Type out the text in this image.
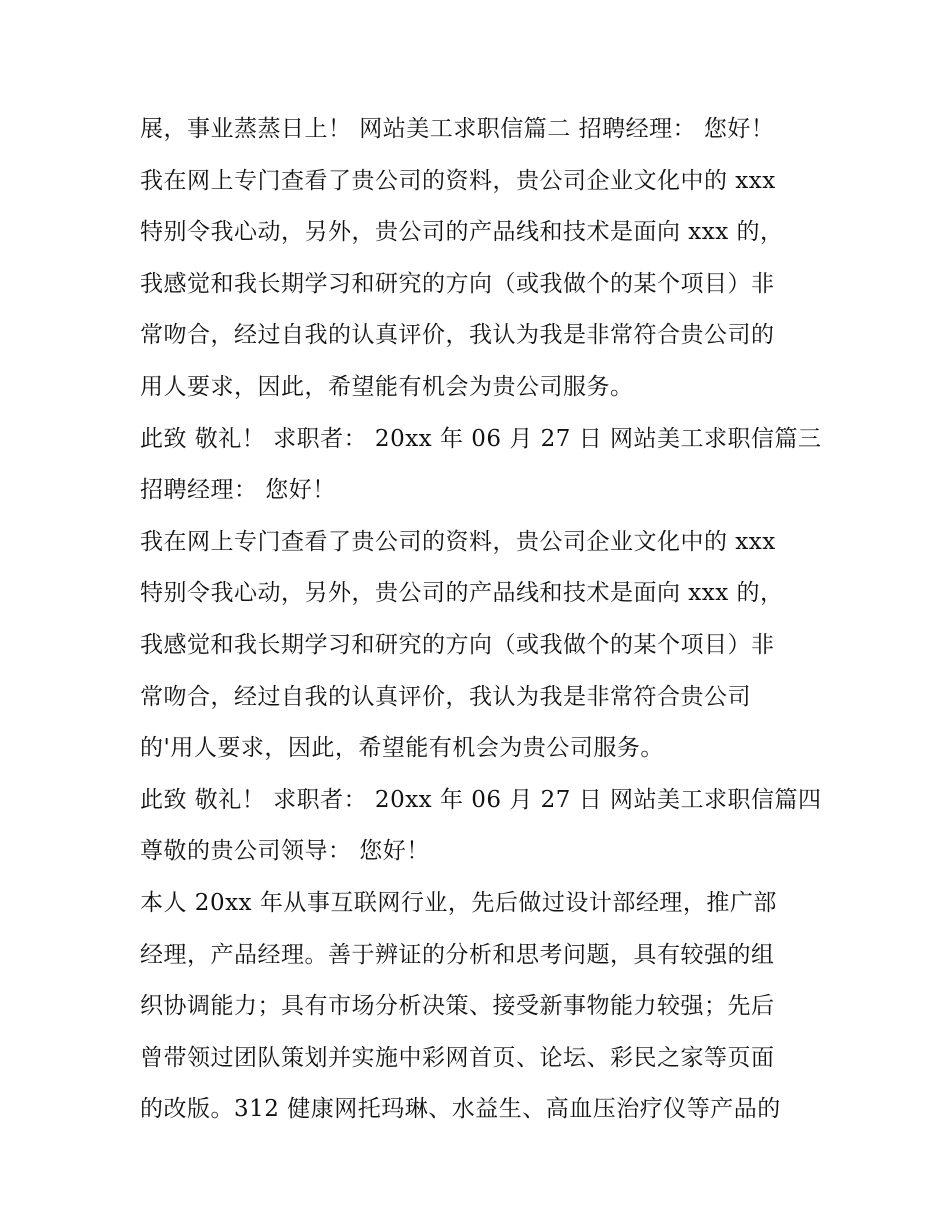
展，事业蒸蒸日上！ 网站美工求职信篇二 招聘经理： 您好！

我在网上专门查看了贵公司的资料，贵公司企业文化中的 xxx

特别令我心动，另外，贵公司的产品线和技术是面向 xxx 的，

我感觉和我长期学习和研究的方向（或我做个的某个项目）非

常吻合，经过自我的认真评价，我认为我是非常符合贵公司的

用人要求，因此，希望能有机会为贵公司服务。

此致 敬礼！ 求职者： 20xx 年 06 月 27 日 网站美工求职信篇三

招聘经理： 您好！

我在网上专门查看了贵公司的资料，贵公司企业文化中的 xxx

特别令我心动，另外，贵公司的产品线和技术是面向 xxx 的，

我感觉和我长期学习和研究的方向（或我做个的某个项目）非

常吻合，经过自我的认真评价，我认为我是非常符合贵公司

的'用人要求，因此，希望能有机会为贵公司服务。

此致 敬礼！ 求职者： 20xx 年 06 月 27 日 网站美工求职信篇四

尊敬的贵公司领导： 您好！

本人 20xx 年从事互联网行业，先后做过设计部经理，推广部

经理，产品经理。善于辨证的分析和思考问题，具有较强的组

织协调能力；具有市场分析决策、接受新事物能力较强；先后

曾带领过团队策划并实施中彩网首页、论坛、彩民之家等页面

的改版。312 健康网托玛琳、水益生、高血压治疗仪等产品的
